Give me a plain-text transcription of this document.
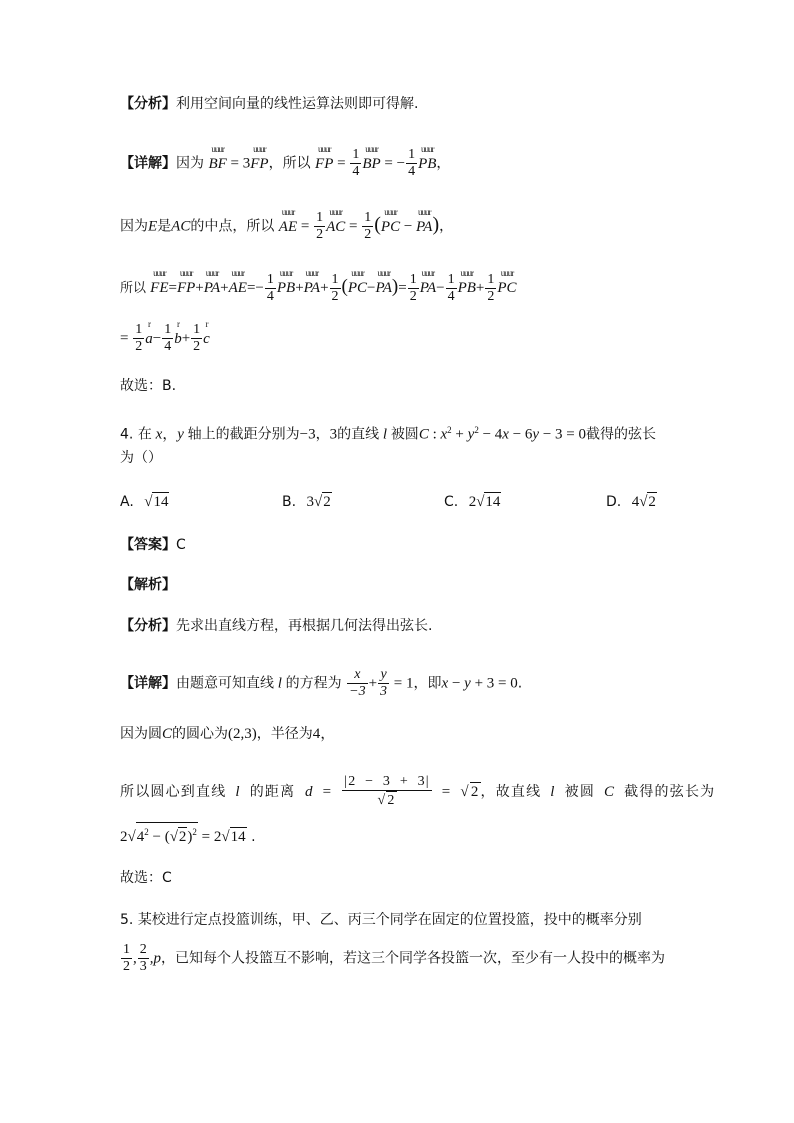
【分析】利用空间向量的线性运算法则即可得解.
【详解】因为
uuur
BF = 3
uuur
FP，所以
uuur
FP = $\frac{1}{4}$ uuur
BP = − $\frac{1}{4}$ uuur
PB，
因为E是AC的中点，所以
uuur
AE = $\frac{1}{2}$ uuur
AC = $\frac{1}{2}$ (
uuur
PC −
uuur
PA)，
所以
uuur
FE=
uuur
FP+
uuur
PA+
uuur
$AE=- \frac{1}{4}$ uuur
PB+
uuur
$PA+ \frac{1}{2}$ (
uuur
PC−
uuur
$PA)= \frac{1}{2}$ uuur
$PA- \frac{1}{4}$ uuur
$PB+ \frac{1}{2}$ uuur
PC
= $\frac{1}{2}$ r
$a- \frac{1}{4}$ r
$b+ \frac{1}{2}$ r
c
故选：B.
4. 在 x，y 轴上的截距分别为−3，3的直线 l 被圆C : $x^2 + y^2 - 4x - 6y - 3 = 0$截得的弦长
为（）
A. √14	B. 3√2	C. 2√14	D. 4√2
【答案】C
【解析】
【分析】先求出直线方程，再根据几何法得出弦长.
【详解】由题意可知直线 l 的方程为 $\frac{x}{-3} + \frac{y}{3} = 1$，即x − y + 3 = 0.
因为圆C的圆心为(2,3)，半径为4，
所以圆心到直线 l 的距离 $d = \frac{|2 - 3 + 3|}{√2} = √2$，故直线 l 被圆 C 截得的弦长为
$2√4^2 - (√2)^2 = 2√14$ .
故选：C
5. 某校进行定点投篮训练，甲、乙、丙三个同学在固定的位置投篮，投中的概率分别
$\frac{1}{2}$ , $\frac{2}{3} ,p$，已知每个人投篮互不影响，若这三个同学各投篮一次，至少有一人投中的概率为
